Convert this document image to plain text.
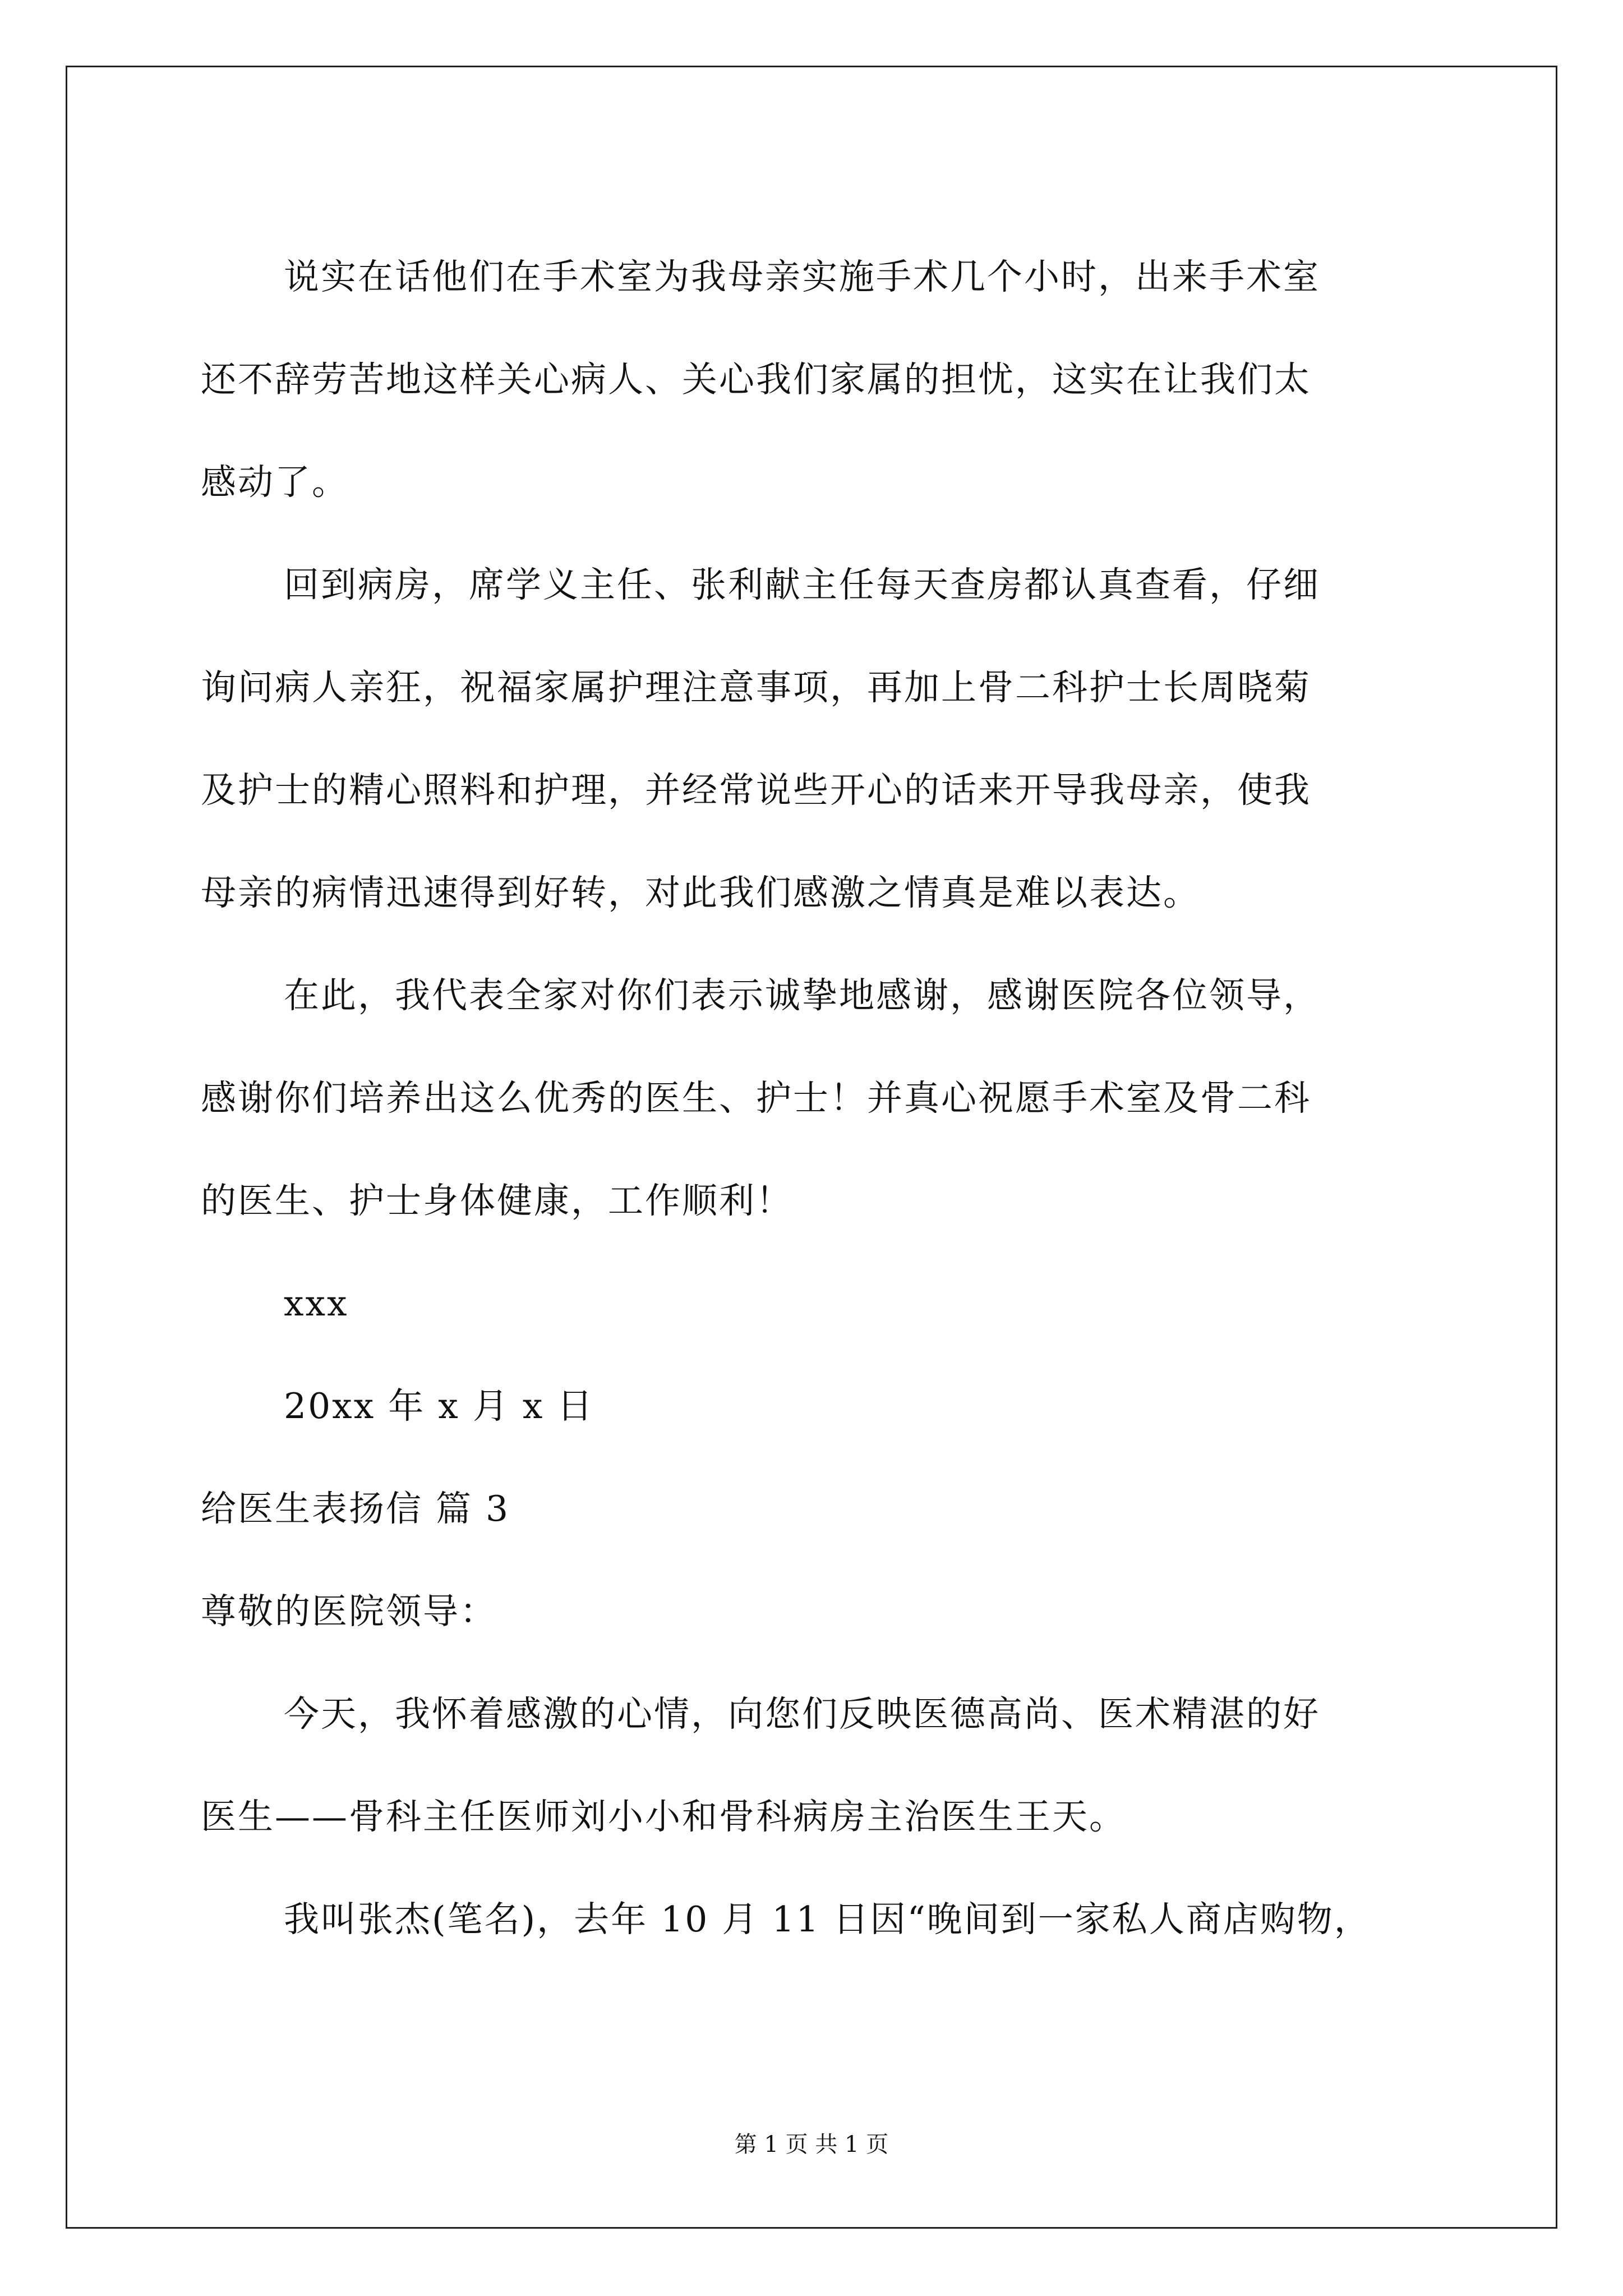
说实在话他们在手术室为我母亲实施手术几个小时，出来手术室
还不辞劳苦地这样关心病人、关心我们家属的担忧，这实在让我们太
感动了。
回到病房，席学义主任、张利献主任每天查房都认真查看，仔细
询问病人亲狂，祝福家属护理注意事项，再加上骨二科护士长周晓菊
及护士的精心照料和护理，并经常说些开心的话来开导我母亲，使我
母亲的病情迅速得到好转，对此我们感激之情真是难以表达。
在此，我代表全家对你们表示诚挚地感谢，感谢医院各位领导，
感谢你们培养出这么优秀的医生、护士！并真心祝愿手术室及骨二科
的医生、护士身体健康，工作顺利！
xxx
20xx 年 x 月 x 日
给医生表扬信 篇 3
尊敬的医院领导：
今天，我怀着感激的心情，向您们反映医德高尚、医术精湛的好
医生——骨科主任医师刘小小和骨科病房主治医生王天。
我叫张杰(笔名)，去年 10 月 11 日因“晚间到一家私人商店购物，
第 1 页 共 1 页
